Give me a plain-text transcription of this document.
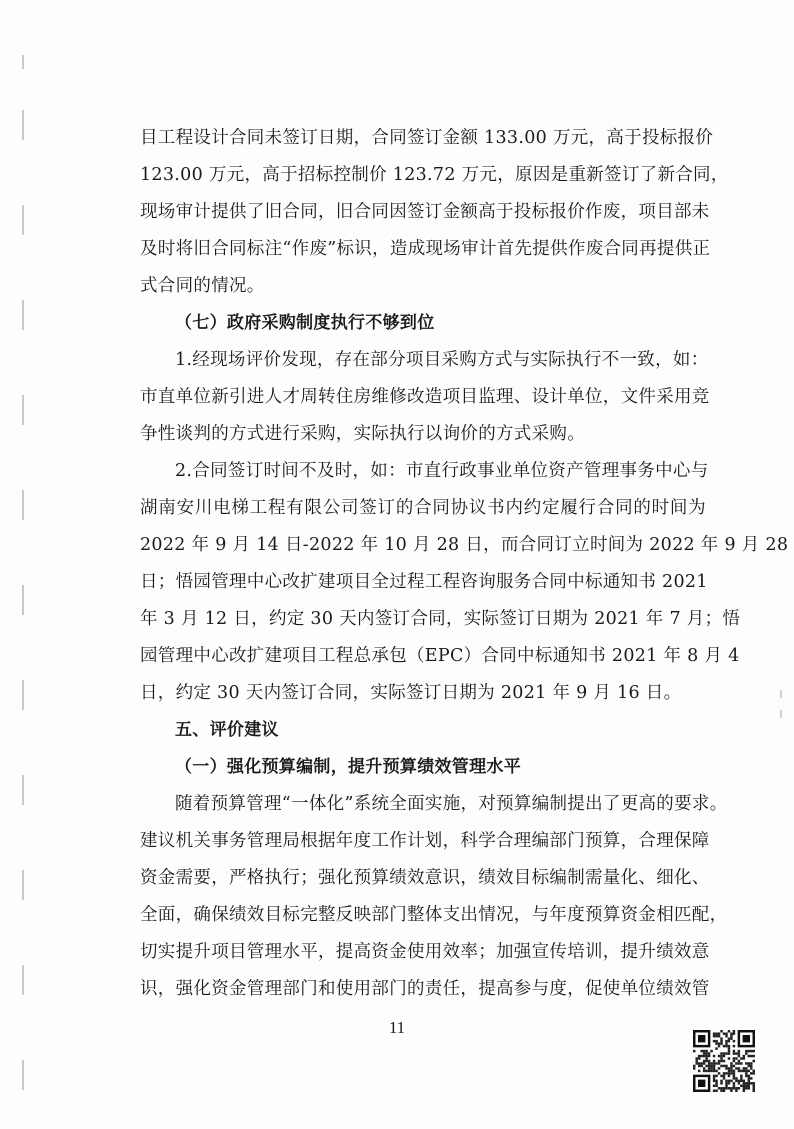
目工程设计合同未签订日期，合同签订金额 133.00 万元，高于投标报价
123.00 万元，高于招标控制价 123.72 万元，原因是重新签订了新合同，
现场审计提供了旧合同，旧合同因签订金额高于投标报价作废，项目部未
及时将旧合同标注“作废”标识，造成现场审计首先提供作废合同再提供正
式合同的情况。
（七）政府采购制度执行不够到位
1.经现场评价发现，存在部分项目采购方式与实际执行不一致，如：
市直单位新引进人才周转住房维修改造项目监理、设计单位，文件采用竞
争性谈判的方式进行采购，实际执行以询价的方式采购。
2.合同签订时间不及时，如：市直行政事业单位资产管理事务中心与
湖南安川电梯工程有限公司签订的合同协议书内约定履行合同的时间为
2022 年 9 月 14 日-2022 年 10 月 28 日，而合同订立时间为 2022 年 9 月 28
日；悟园管理中心改扩建项目全过程工程咨询服务合同中标通知书 2021
年 3 月 12 日，约定 30 天内签订合同，实际签订日期为 2021 年 7 月；悟
园管理中心改扩建项目工程总承包（EPC）合同中标通知书 2021 年 8 月 4
日，约定 30 天内签订合同，实际签订日期为 2021 年 9 月 16 日。
五、评价建议
（一）强化预算编制，提升预算绩效管理水平
随着预算管理“一体化”系统全面实施，对预算编制提出了更高的要求。
建议机关事务管理局根据年度工作计划，科学合理编部门预算，合理保障
资金需要，严格执行；强化预算绩效意识，绩效目标编制需量化、细化、
全面，确保绩效目标完整反映部门整体支出情况，与年度预算资金相匹配，
切实提升项目管理水平，提高资金使用效率；加强宣传培训，提升绩效意
识，强化资金管理部门和使用部门的责任，提高参与度，促使单位绩效管
11
